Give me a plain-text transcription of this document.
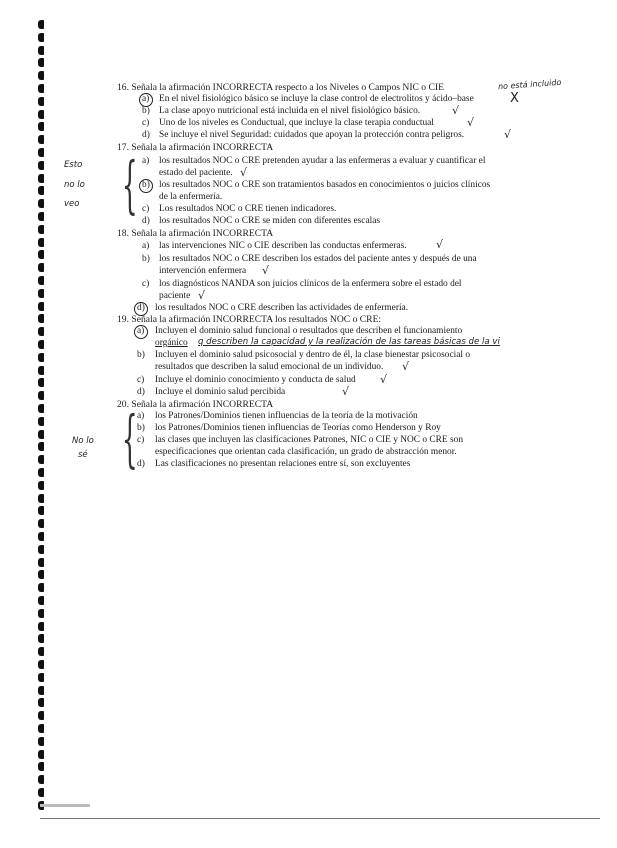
16. Señala la afirmación INCORRECTA respecto a los Niveles o Campos NIC o CIE	no está incluido
a) En el nivel fisiológico básico se incluye la clase control de electrolitos y ácido–base	X
b) La clase apoyo nutricional está incluida en el nivel fisiológico básico.	√
c) Uno de los niveles es Conductual, que incluye la clase terapia conductual	√
d) Se incluye el nivel Seguridad: cuidados que apoyan la protección contra peligros.	√
17. Señala la afirmación INCORRECTA
Esto
no lo
veo { a) los resultados NOC o CRE pretenden ayudar a las enfermeras a evaluar y cuantificar el
estado del paciente. √
b) los resultados NOC o CRE son tratamientos basados en conocimientos o juicios clínicos
de la enfermería.
c) Los resultados NOC o CRE tienen indicadores.
d) los resultados NOC o CRE se miden con diferentes escalas
18. Señala la afirmación INCORRECTA
a) las intervenciones NIC o CIE describen las conductas enfermeras.	√
b) los resultados NOC o CRE describen los estados del paciente antes y después de una
intervención enfermera √
c) los diagnósticos NANDA son juicios clínicos de la enfermera sobre el estado del
paciente √
d) los resultados NOC o CRE describen las actividades de enfermería.
19. Señala la afirmación INCORRECTA los resultados NOC o CRE:
a) Incluyen el dominio salud funcional o resultados que describen el funcionamiento
orgánico q describen la capacidad y la realización de las tareas básicas de la vi
b) Incluyen el dominio salud psicosocial y dentro de él, la clase bienestar psicosocial o
resultados que describen la salud emocional de un individuo. √
c) Incluye el dominio conocimiento y conducta de salud √
d) Incluye el dominio salud percibida	√
20. Señala la afirmación INCORRECTA
No lo
sé { a) los Patrones/Dominios tienen influencias de la teoría de la motivación
b) los Patrones/Dominios tienen influencias de Teorías como Henderson y Roy
c) las clases que incluyen las clasificaciones Patrones, NIC o CIE y NOC o CRE son
especificaciones que orientan cada clasificación, un grado de abstracción menor.
d) Las clasificaciones no presentan relaciones entre sí, son excluyentes
